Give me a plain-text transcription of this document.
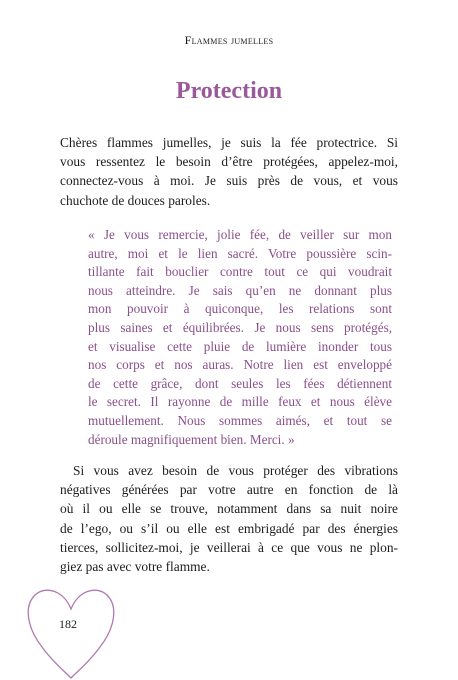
Flammes jumelles
Protection
Chères flammes jumelles, je suis la fée protectrice. Si
vous ressentez le besoin d’être protégées, appelez-moi,
connectez-vous à moi. Je suis près de vous, et vous
chuchote de douces paroles.
« Je vous remercie, jolie fée, de veiller sur mon
autre, moi et le lien sacré. Votre poussière scin-
tillante fait bouclier contre tout ce qui voudrait
nous atteindre. Je sais qu’en ne donnant plus
mon pouvoir à quiconque, les relations sont
plus saines et équilibrées. Je nous sens protégés,
et visualise cette pluie de lumière inonder tous
nos corps et nos auras. Notre lien est enveloppé
de cette grâce, dont seules les fées détiennent
le secret. Il rayonne de mille feux et nous élève
mutuellement. Nous sommes aimés, et tout se
déroule magnifiquement bien. Merci. »
Si vous avez besoin de vous protéger des vibrations
négatives générées par votre autre en fonction de là
où il ou elle se trouve, notamment dans sa nuit noire
de l’ego, ou s’il ou elle est embrigadé par des énergies
tierces, sollicitez-moi, je veillerai à ce que vous ne plon-
giez pas avec votre flamme.
182
